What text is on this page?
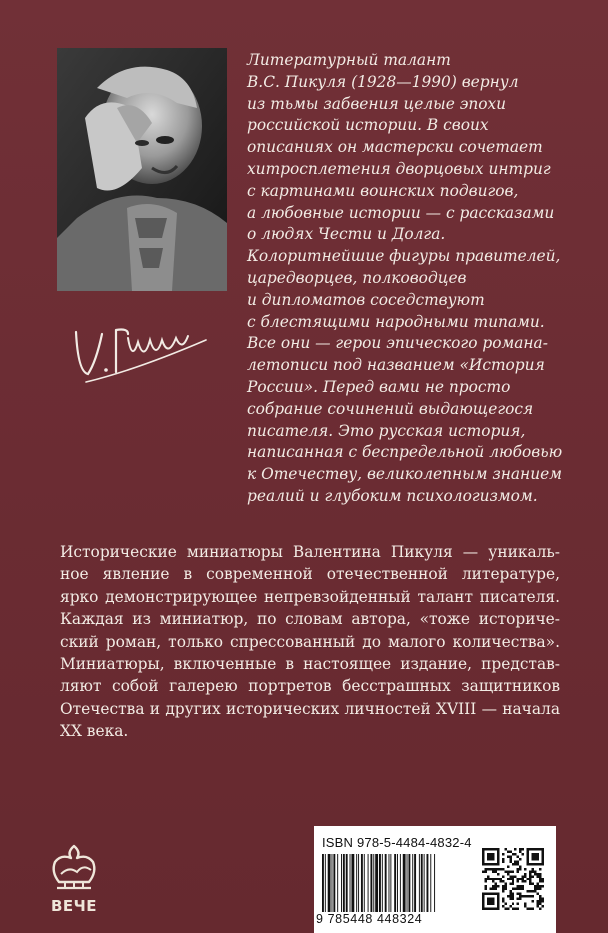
Литературный талант
В.С. Пикуля (1928—1990) вернул
из тьмы забвения целые эпохи
российской истории. В своих
описаниях он мастерски сочетает
хитросплетения дворцовых интриг
с картинами воинских подвигов,
а любовные истории — с рассказами
о людях Чести и Долга.
Колоритнейшие фигуры правителей,
царедворцев, полководцев
и дипломатов соседствуют
с блестящими народными типами.
Все они — герои эпического романа-
летописи под названием «История
России». Перед вами не просто
собрание сочинений выдающегося
писателя. Это русская история,
написанная с беспредельной любовью
к Отечеству, великолепным знанием
реалий и глубоким психологизмом.
Исторические миниатюры Валентина Пикуля — уникаль-
ное явление в современной отечественной литературе,
ярко демонстрирующее непревзойденный талант писателя.
Каждая из миниатюр, по словам автора, «тоже историче-
ский роман, только спрессованный до малого количества».
Миниатюры, включенные в настоящее издание, представ-
ляют собой галерею портретов бесстрашных защитников
Отечества и других исторических личностей XVIII — начала
XX века.
ВЕЧЕ
ISBN 978-5-4484-4832-4
9 785448 448324
